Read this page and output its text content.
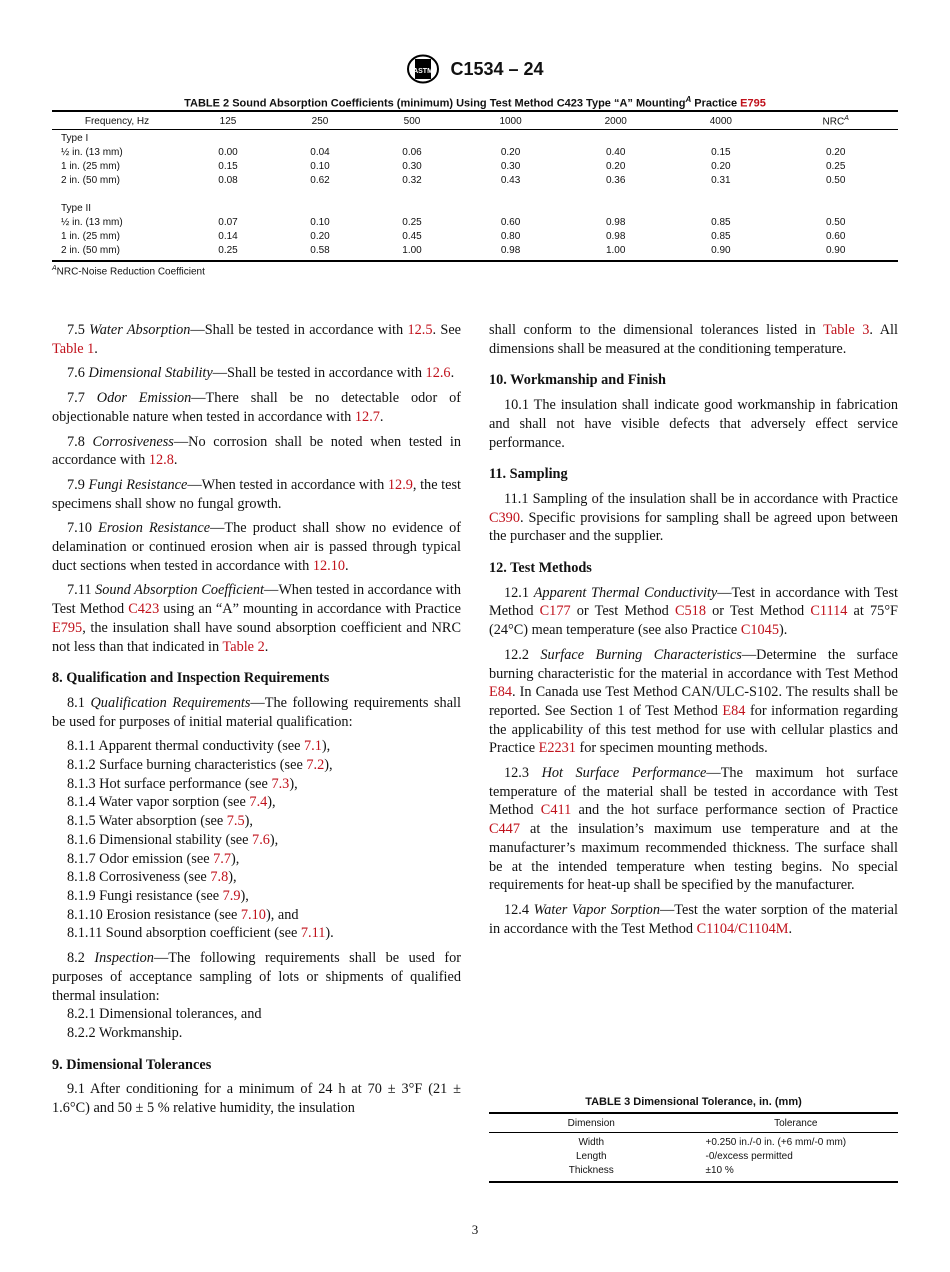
ASTM C1534 – 24
TABLE 2 Sound Absorption Coefficients (minimum) Using Test Method C423 Type “A” Mounting$^A$ Practice E795
Frequency, Hz	125	250	500	1000	2000	4000	$NRC^A$
Type I							
½ in. (13 mm)	0.00	0.04	0.06	0.20	0.40	0.15	0.20
1 in. (25 mm)	0.15	0.10	0.30	0.30	0.20	0.20	0.25
2 in. (50 mm)	0.08	0.62	0.32	0.43	0.36	0.31	0.50

Type II							
½ in. (13 mm)	0.07	0.10	0.25	0.60	0.98	0.85	0.50
1 in. (25 mm)	0.14	0.20	0.45	0.80	0.98	0.85	0.60
2 in. (50 mm)	0.25	0.58	1.00	0.98	1.00	0.90	0.90
$^A$NRC-Noise Reduction Coefficient

7.5 Water Absorption—Shall be tested in accordance with 12.5. See Table 1.

7.6 Dimensional Stability—Shall be tested in accordance with 12.6.

7.7 Odor Emission—There shall be no detectable odor of objectionable nature when tested in accordance with 12.7.

7.8 Corrosiveness—No corrosion shall be noted when tested in accordance with 12.8.

7.9 Fungi Resistance—When tested in accordance with 12.9, the test specimens shall show no fungal growth.

7.10 Erosion Resistance—The product shall show no evidence of delamination or continued erosion when air is passed through typical duct sections when tested in accordance with 12.10.

7.11 Sound Absorption Coefficient—When tested in accordance with Test Method C423 using an “A” mounting in accordance with Practice E795, the insulation shall have sound absorption coefficient and NRC not less than that indicated in Table 2.

8. Qualification and Inspection Requirements

8.1 Qualification Requirements—The following requirements shall be used for purposes of initial material qualification:

8.1.1 Apparent thermal conductivity (see 7.1),
8.1.2 Surface burning characteristics (see 7.2),
8.1.3 Hot surface performance (see 7.3),
8.1.4 Water vapor sorption (see 7.4),
8.1.5 Water absorption (see 7.5),
8.1.6 Dimensional stability (see 7.6),
8.1.7 Odor emission (see 7.7),
8.1.8 Corrosiveness (see 7.8),
8.1.9 Fungi resistance (see 7.9),
8.1.10 Erosion resistance (see 7.10), and
8.1.11 Sound absorption coefficient (see 7.11).

8.2 Inspection—The following requirements shall be used for purposes of acceptance sampling of lots or shipments of qualified thermal insulation:

8.2.1 Dimensional tolerances, and
8.2.2 Workmanship.
9. Dimensional Tolerances

9.1 After conditioning for a minimum of 24 h at 70 ± 3°F (21 ± 1.6°C) and 50 ± 5 % relative humidity, the insulation

shall conform to the dimensional tolerances listed in Table 3. All dimensions shall be measured at the conditioning temperature.

10. Workmanship and Finish

10.1 The insulation shall indicate good workmanship in fabrication and shall not have visible defects that adversely effect service performance.

11. Sampling

11.1 Sampling of the insulation shall be in accordance with Practice C390. Specific provisions for sampling shall be agreed upon between the purchaser and the supplier.

12. Test Methods

12.1 Apparent Thermal Conductivity—Test in accordance with Test Method C177 or Test Method C518 or Test Method C1114 at 75°F (24°C) mean temperature (see also Practice C1045).

12.2 Surface Burning Characteristics—Determine the surface burning characteristic for the material in accordance with Test Method E84. In Canada use Test Method CAN/ULC-S102. The results shall be reported. See Section 1 of Test Method E84 for information regarding the applicability of this test method for use with cellular plastics and Practice E2231 for specimen mounting methods.

12.3 Hot Surface Performance—The maximum hot surface temperature of the material shall be tested in accordance with Test Method C411 and the hot surface performance section of Practice C447 at the insulation’s maximum use temperature and at the manufacturer’s maximum recommended thickness. The surface shall be at the intended temperature when testing begins. No special requirements for heat-up shall be specified by the manufacturer.

12.4 Water Vapor Sorption—Test the water sorption of the material in accordance with the Test Method C1104/C1104M.

TABLE 3 Dimensional Tolerance, in. (mm)
Dimension	Tolerance
Width	+0.250 in./-0 in. (+6 mm/-0 mm)
Length	-0/excess permitted
Thickness	±10 %
3
